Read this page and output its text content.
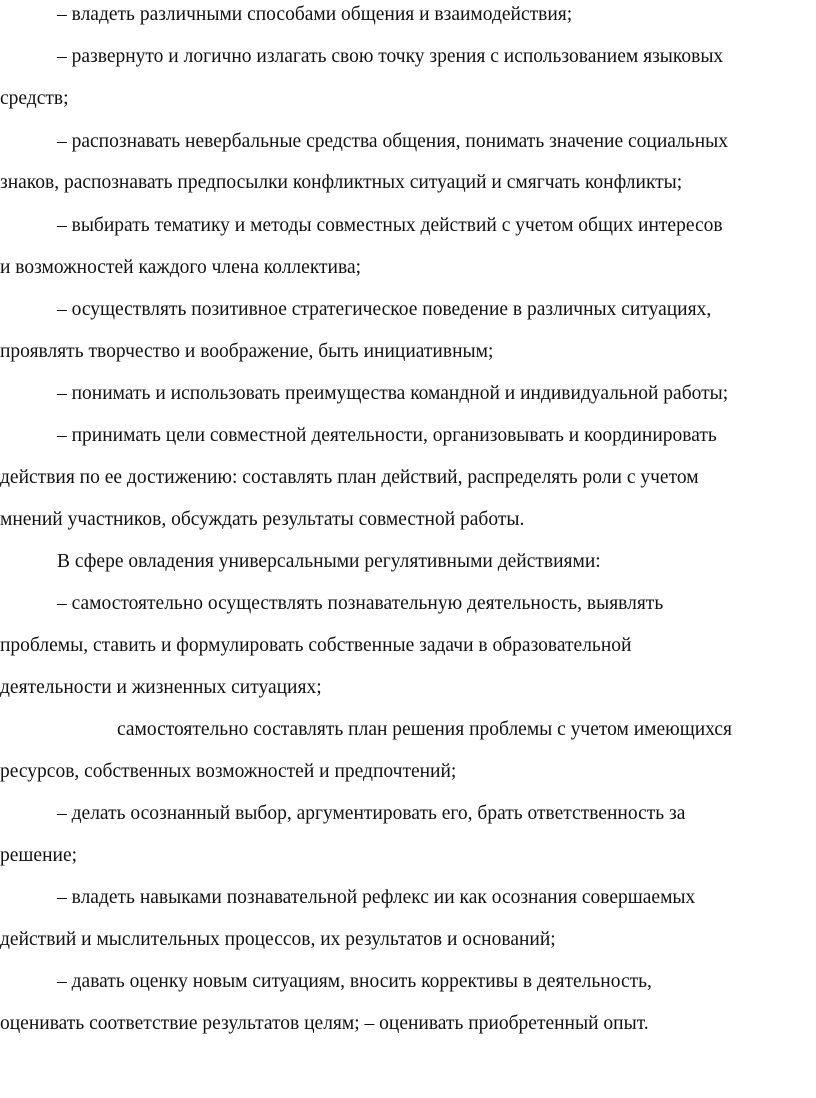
– владеть различными способами общения и взаимодействия;
– развернуто и логично излагать свою точку зрения с использованием языковых
средств;
– распознавать невербальные средства общения, понимать значение социальных
знаков, распознавать предпосылки конфликтных ситуаций и смягчать конфликты;
– выбирать тематику и методы совместных действий с учетом общих интересов
и возможностей каждого члена коллектива;
– осуществлять позитивное стратегическое поведение в различных ситуациях,
проявлять творчество и воображение, быть инициативным;
– понимать и использовать преимущества командной и индивидуальной работы;
– принимать цели совместной деятельности, организовывать и координировать
действия по ее достижению: составлять план действий, распределять роли с учетом
мнений участников, обсуждать результаты совместной работы.
В сфере овладения универсальными регулятивными действиями:
– самостоятельно осуществлять познавательную деятельность, выявлять
проблемы, ставить и формулировать собственные задачи в образовательной
деятельности и жизненных ситуациях;
самостоятельно составлять план решения проблемы с учетом имеющихся
ресурсов, собственных возможностей и предпочтений;
– делать осознанный выбор, аргументировать его, брать ответственность за
решение;
– владеть навыками познавательной рефлекс ии как осознания совершаемых
действий и мыслительных процессов, их результатов и оснований;
– давать оценку новым ситуациям, вносить коррективы в деятельность,
оценивать соответствие результатов целям; – оценивать приобретенный опыт.
